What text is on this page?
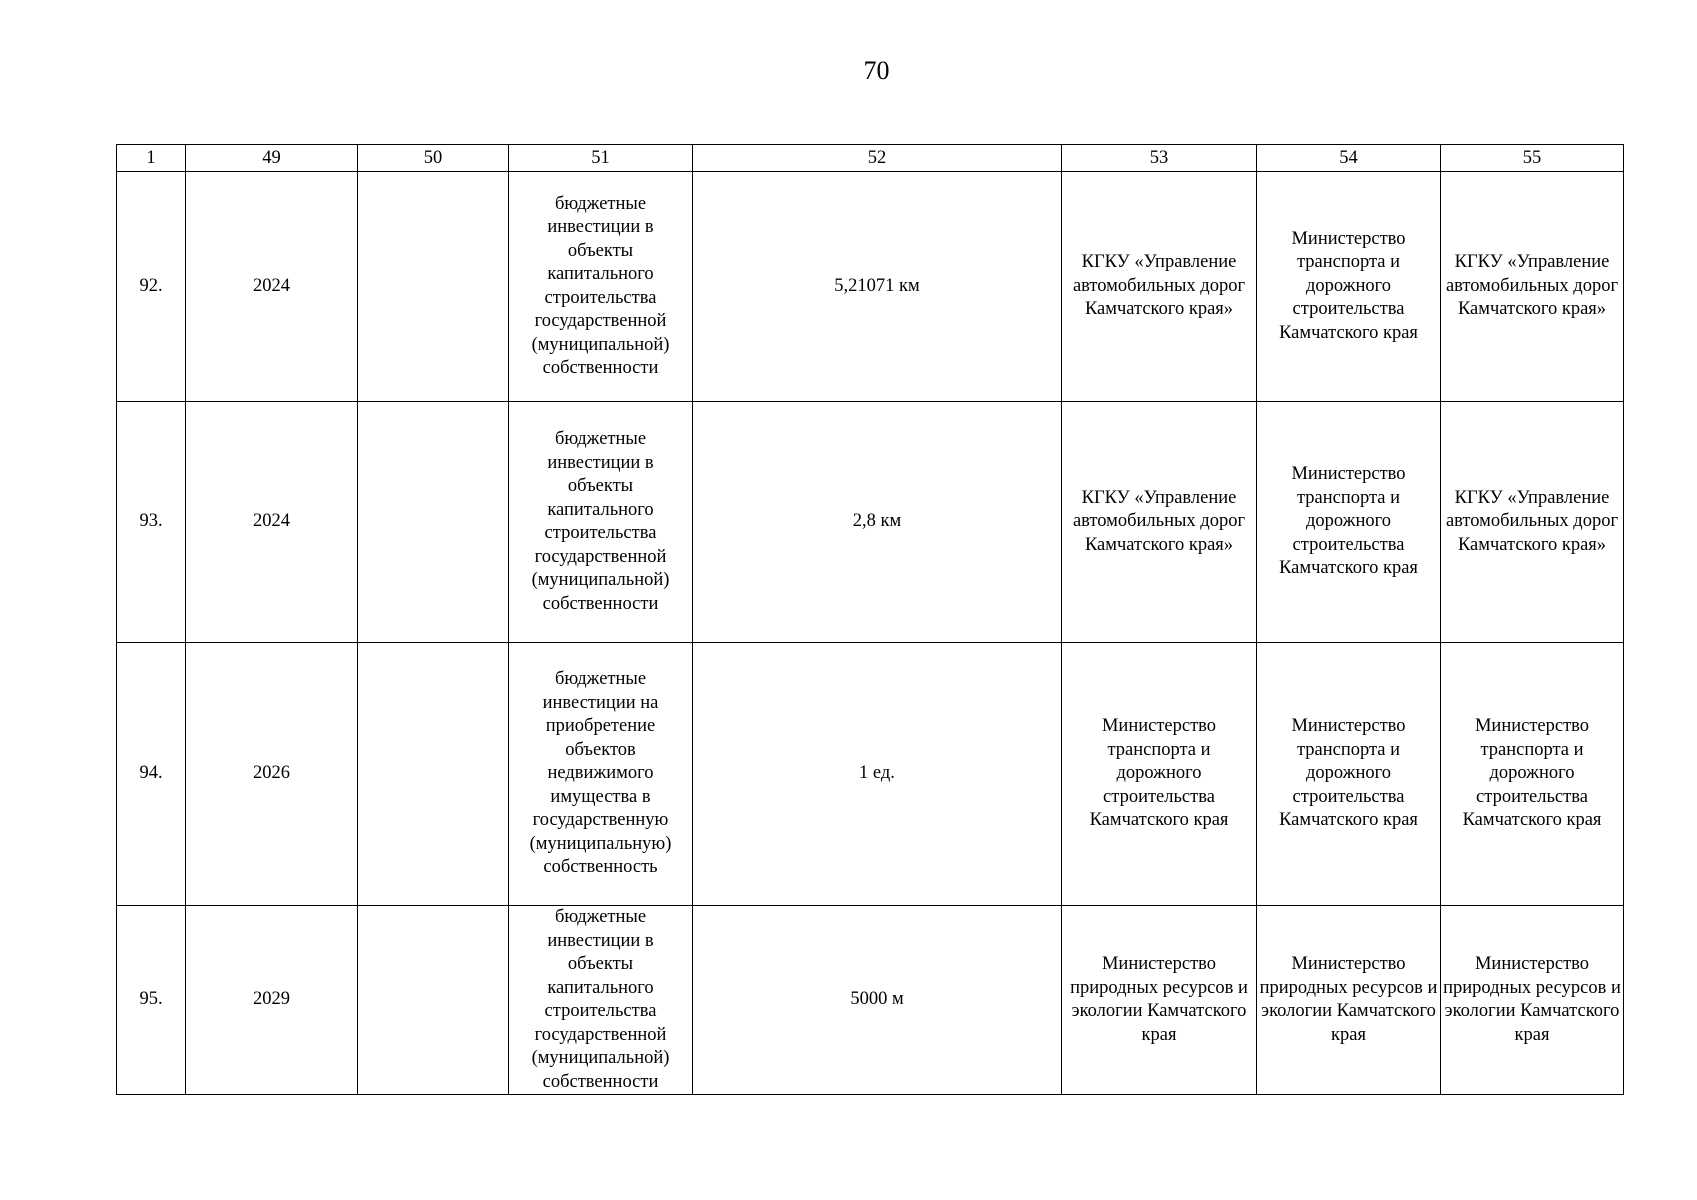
70
1	49	50	51	52	53	54	55
92.	2024		бюджетные инвестиции в объекты капитального строительства государственной (муниципальной) собственности	5,21071 км	КГКУ «Управление автомобильных дорог Камчатского края»	Министерство транспорта и дорожного строительства Камчатского края	КГКУ «Управление автомобильных дорог Камчатского края»
93.	2024		бюджетные инвестиции в объекты капитального строительства государственной (муниципальной) собственности	2,8 км	КГКУ «Управление автомобильных дорог Камчатского края»	Министерство транспорта и дорожного строительства Камчатского края	КГКУ «Управление автомобильных дорог Камчатского края»
94.	2026		бюджетные инвестиции на приобретение объектов недвижимого имущества в государственную (муниципальную) собственность	1 ед.	Министерство транспорта и дорожного строительства Камчатского края	Министерство транспорта и дорожного строительства Камчатского края	Министерство транспорта и дорожного строительства Камчатского края
95.	2029		бюджетные инвестиции в объекты капитального строительства государственной (муниципальной) собственности	5000 м	Министерство природных ресурсов и экологии Камчатского края	Министерство природных ресурсов и экологии Камчатского края	Министерство природных ресурсов и экологии Камчатского края
